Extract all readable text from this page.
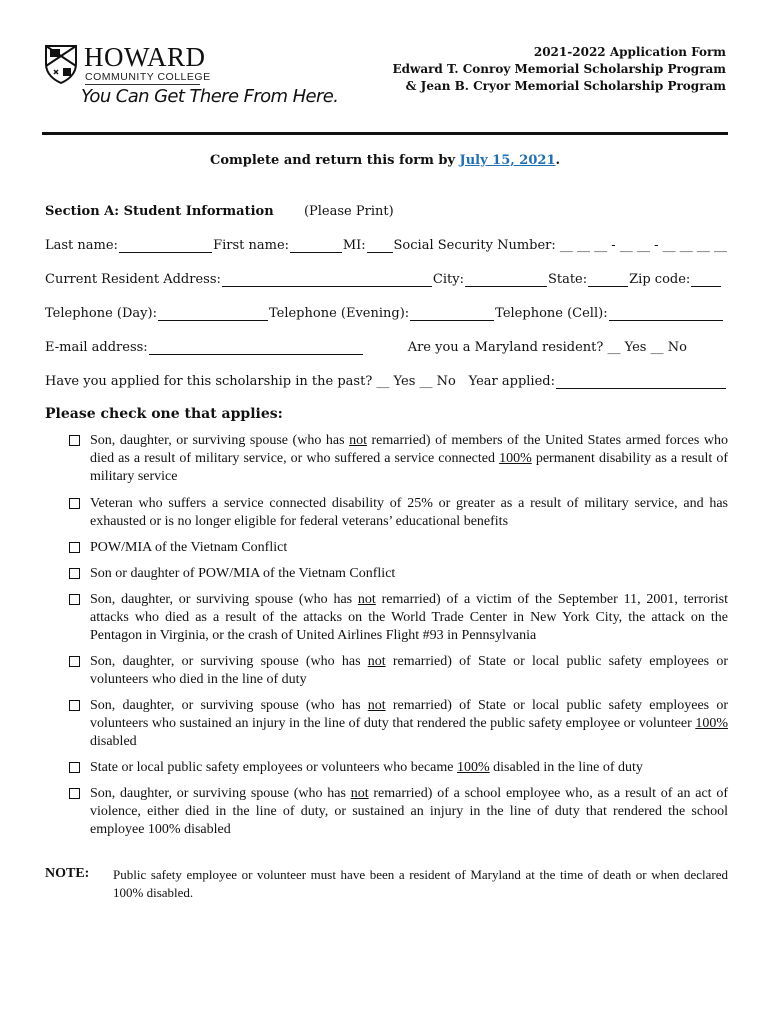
HOWARD
COMMUNITY COLLEGE
You Can Get There From Here.
2021-2022 Application Form
Edward T. Conroy Memorial Scholarship Program
& Jean B. Cryor Memorial Scholarship Program
Complete and return this form by July 15, 2021.
Section A: Student Information (Please Print)
Last name:	First name:	MI: Social Security Number: __ __ __ - __ __ - __ __ __ __
Current Resident Address:	City:	State:	Zip code:
Telephone (Day):	Telephone (Evening):	Telephone (Cell):
E-mail address:	Are you a Maryland resident? __ Yes __ No
Have you applied for this scholarship in the past? __ Yes __ No Year applied:
Please check one that applies:
Son, daughter, or surviving spouse (who has not remarried) of members of the United States armed forces who died as a result of military service, or who suffered a service connected 100% permanent disability as a result of military service
Veteran who suffers a service connected disability of 25% or greater as a result of military service, and has exhausted or is no longer eligible for federal veterans’ educational benefits
POW/MIA of the Vietnam Conflict
Son or daughter of POW/MIA of the Vietnam Conflict
Son, daughter, or surviving spouse (who has not remarried) of a victim of the September 11, 2001, terrorist attacks who died as a result of the attacks on the World Trade Center in New York City, the attack on the Pentagon in Virginia, or the crash of United Airlines Flight #93 in Pennsylvania
Son, daughter, or surviving spouse (who has not remarried) of State or local public safety employees or volunteers who died in the line of duty
Son, daughter, or surviving spouse (who has not remarried) of State or local public safety employees or volunteers who sustained an injury in the line of duty that rendered the public safety employee or volunteer 100% disabled
State or local public safety employees or volunteers who became 100% disabled in the line of duty
Son, daughter, or surviving spouse (who has not remarried) of a school employee who, as a result of an act of violence, either died in the line of duty, or sustained an injury in the line of duty that rendered the school employee 100% disabled
NOTE: Public safety employee or volunteer must have been a resident of Maryland at the time of death or when declared 100% disabled.
